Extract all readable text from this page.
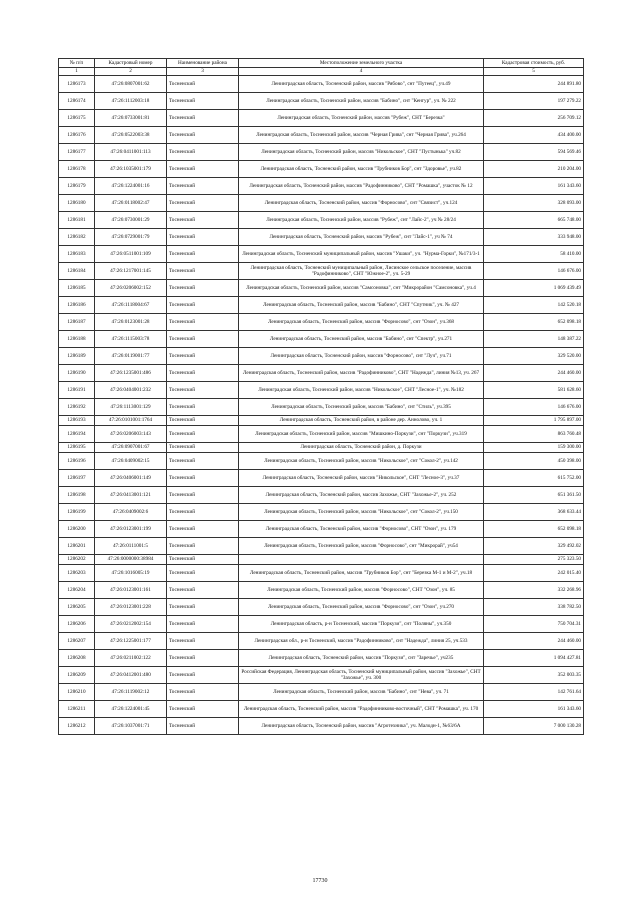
№ п/п	Кадастровый номер	Наименование района	Местоположение земельного участка	Кадастровая стоимость, руб.
1	2	3	4	5
1286173	47:26:0807001:62	Тосненский	Ленинградская область, Тосненский район, массив "Рябово", снт "Путеец", уч.49	244 891.80
1286174	47:26:1112003:18	Тосненский	Ленинградская область, Тосненский район, массив "Бабино", снт "Кенгур", уч. № 222	197 279.22
1286175	47:26:0733001:81	Тосненский	Ленинградская область, Тосненский район, массив "Рубеж", СНТ "Березка"	256 709.12
1286176	47:26:0522003:38	Тосненский	Ленинградская область, Тосненский район, массив "Черная Грива", снт "Черная Грива", уч.264	434 400.00
1286177	47:26:0411001:113	Тосненский	Ленинградская область, Тосненский район, массив "Никольское", СНТ "Пустынька" уч.82	594 569.46
1286178	47:26:1035001:179	Тосненский	Ленинградская область, Тосненский район, массив "Трубников Бор", снт "Здоровье", уч.82	210 204.00
1286179	47:26:1224001:16	Тосненский	Ленинградская область, Тосненский район, массив "Радофинниково", СНТ "Ромашка", участок № 12	161 343.60
1286180	47:26:0118002:47	Тосненский	Ленинградская область, Тосненский район, массив "Форносово", снт "Связист", уч.124	328 093.00
1286181	47:26:0730001:29	Тосненский	Ленинградская область, Тосненский район, массив "Рубеж", снт "Лайс-2", уч № 28/24	665 748.00
1286182	47:26:0729001:79	Тосненский	Ленинградская область, Тосненский район, массив "Рубеж", снт "Лайс-1", уч № 74	333 948.00
1286183	47:26:0511001:109	Тосненский	Ленинградская область, Тосненский муниципальный район, массив "Ушаки", уч. "Нурма-Горки", №171/3-1	58 410.00
1286184	47:26:1217001:145	Тосненский	Ленинградская область, Тосненский муниципальный район, Лисинское сельское поселение, массив "Радофинниково", СНТ "Южное-2", уч. 5-29	146 676.00
1286185	47:26:0206002:152	Тосненский	Ленинградская область, Тосненский район, массив "Самсоновка", снт "Микрорайон "Самсоновка", уч.4	1 069 439.49
1286186	47:26:1118004:67	Тосненский	Ленинградская область, Тосненский район, массив "Бабино", СНТ "Спутник", уч. № 427	142 520.18
1286187	47:26:0123001:28	Тосненский	Ленинградская область, Тосненский район, массив "Форносово", снт "Озон", уч.368	652 098.18
1286188	47:26:1115003:78	Тосненский	Ленинградская область, Тосненский район, массив "Бабино", снт "Спектр", уч.271	148 387.22
1286189	47:26:0119001:77	Тосненский	Ленинградская область, Тосненский район, массив "Форносово", снт "Луч", уч.71	329 520.00
1286190	47:26:1235001:486	Тосненский	Ленинградская область, Тосненский район, массив "Радофинниково", СНТ "Надежда", линия №13, уч. 267	244 460.00
1286191	47:26:0404001:232	Тосненский	Ленинградская область, Тосненский район, массив "Никольское", СНТ "Лесное-1", уч. №182	581 628.60
1286192	47:26:1113001:129	Тосненский	Ленинградская область, Тосненский район, массив "Бабино", снт "Стиль", уч.395	146 676.00
1286193	47:26:0101001:1764	Тосненский	Ленинградская область, Тосненский район, в районе дер. Аннолово, уч. 1	1 795 897.00
1286194	47:26:0206003:143	Тосненский	Ленинградская область, Тосненский район, массив "Мишкино-Поркузи", снт "Поркузи", уч.319	863 760.48
1286195	47:26:0907001:67	Тосненский	Ленинградская область, Тосненский район, д. Поркузи	159 300.00
1286196	47:26:0409002:15	Тосненский	Ленинградская область, Тосненский район, массив "Никольское", снт "Сокол-2", уч.142	450 398.00
1286197	47:26:0406001:149	Тосненский	Ленинградская область, Тосненский район, массив "Никольское", СНТ "Лесное-3", уч.37	615 752.00
1286198	47:26:0413001:121	Тосненский	Ленинградская область, Тосненский район, массив Захожье, СНТ "Захожье-2", уч. 252	651 361.50
1286199	47:26:0409002:6	Тосненский	Ленинградская область, Тосненский район, массив "Никольское", снт "Сокол-2", уч.150	368 633.44
1286200	47:26:0123001:199	Тосненский	Ленинградская область, Тосненский район, массив "Форносово", СНТ "Озон", уч. 179	652 098.18
1286201	47:26:0111001:5	Тосненский	Ленинградская область, Тосненский район, массив "Форносово", снт "Микрорай", уч54	329 492.02
1286202	47:26:0000000:38984	Тосненский		275 323.50
1286203	47:26:1016005:19	Тосненский	Ленинградская область, Тосненский район, массив "Трубников Бор", снт "Березка М-1 и М-2", уч.18	242 015.40
1286204	47:26:0123001:161	Тосненский	Ленинградская область, Тосненский район, массив "Форносово", СНТ "Озон", уч. 85	332 268.96
1286205	47:26:0123001:228	Тосненский	Ленинградская область, Тосненский район, массив "Форносово", снт "Озон", уч.270	338 782.50
1286206	47:26:0212002:154	Тосненский	Ленинградская область, р-н Тосненский, массив "Поркузи", снт "Поляны", уч.350	750 704.31
1286207	47:26:1225001:177	Тосненский	Ленинградская обл., р-н Тосненский, массив "Радофинниково", снт "Надежда", линия 25, уч.533	244 460.00
1286208	47:26:0211002:122	Тосненский	Ленинградская область, Тосненский район, массив "Поркузи", снт "Заречье", уч235	1 094 427.81
1286209	47:26:0412001:480	Тосненский	Российская Федерация, Ленинградская область, Тосненский муниципальный район, массив "Захожье", СНТ "Захожье", уч. 300	352 003.35
1286210	47:26:1119002:12	Тосненский	Ленинградская область, Тосненский район, массив "Бабино", снт "Нева", уч. 71	142 761.64
1286211	47:26:1224001:45	Тосненский	Ленинградская область, Тосненский район, массив "Радофинниково-восточный", СНТ "Ромашка", уч. 170	161 343.60
1286212	47:26:1037001:71	Тосненский	Ленинградская область, Тосненский район, массив "Агротехника", уч. Малодн-1, №63/6А	7 000 130.28
17730
